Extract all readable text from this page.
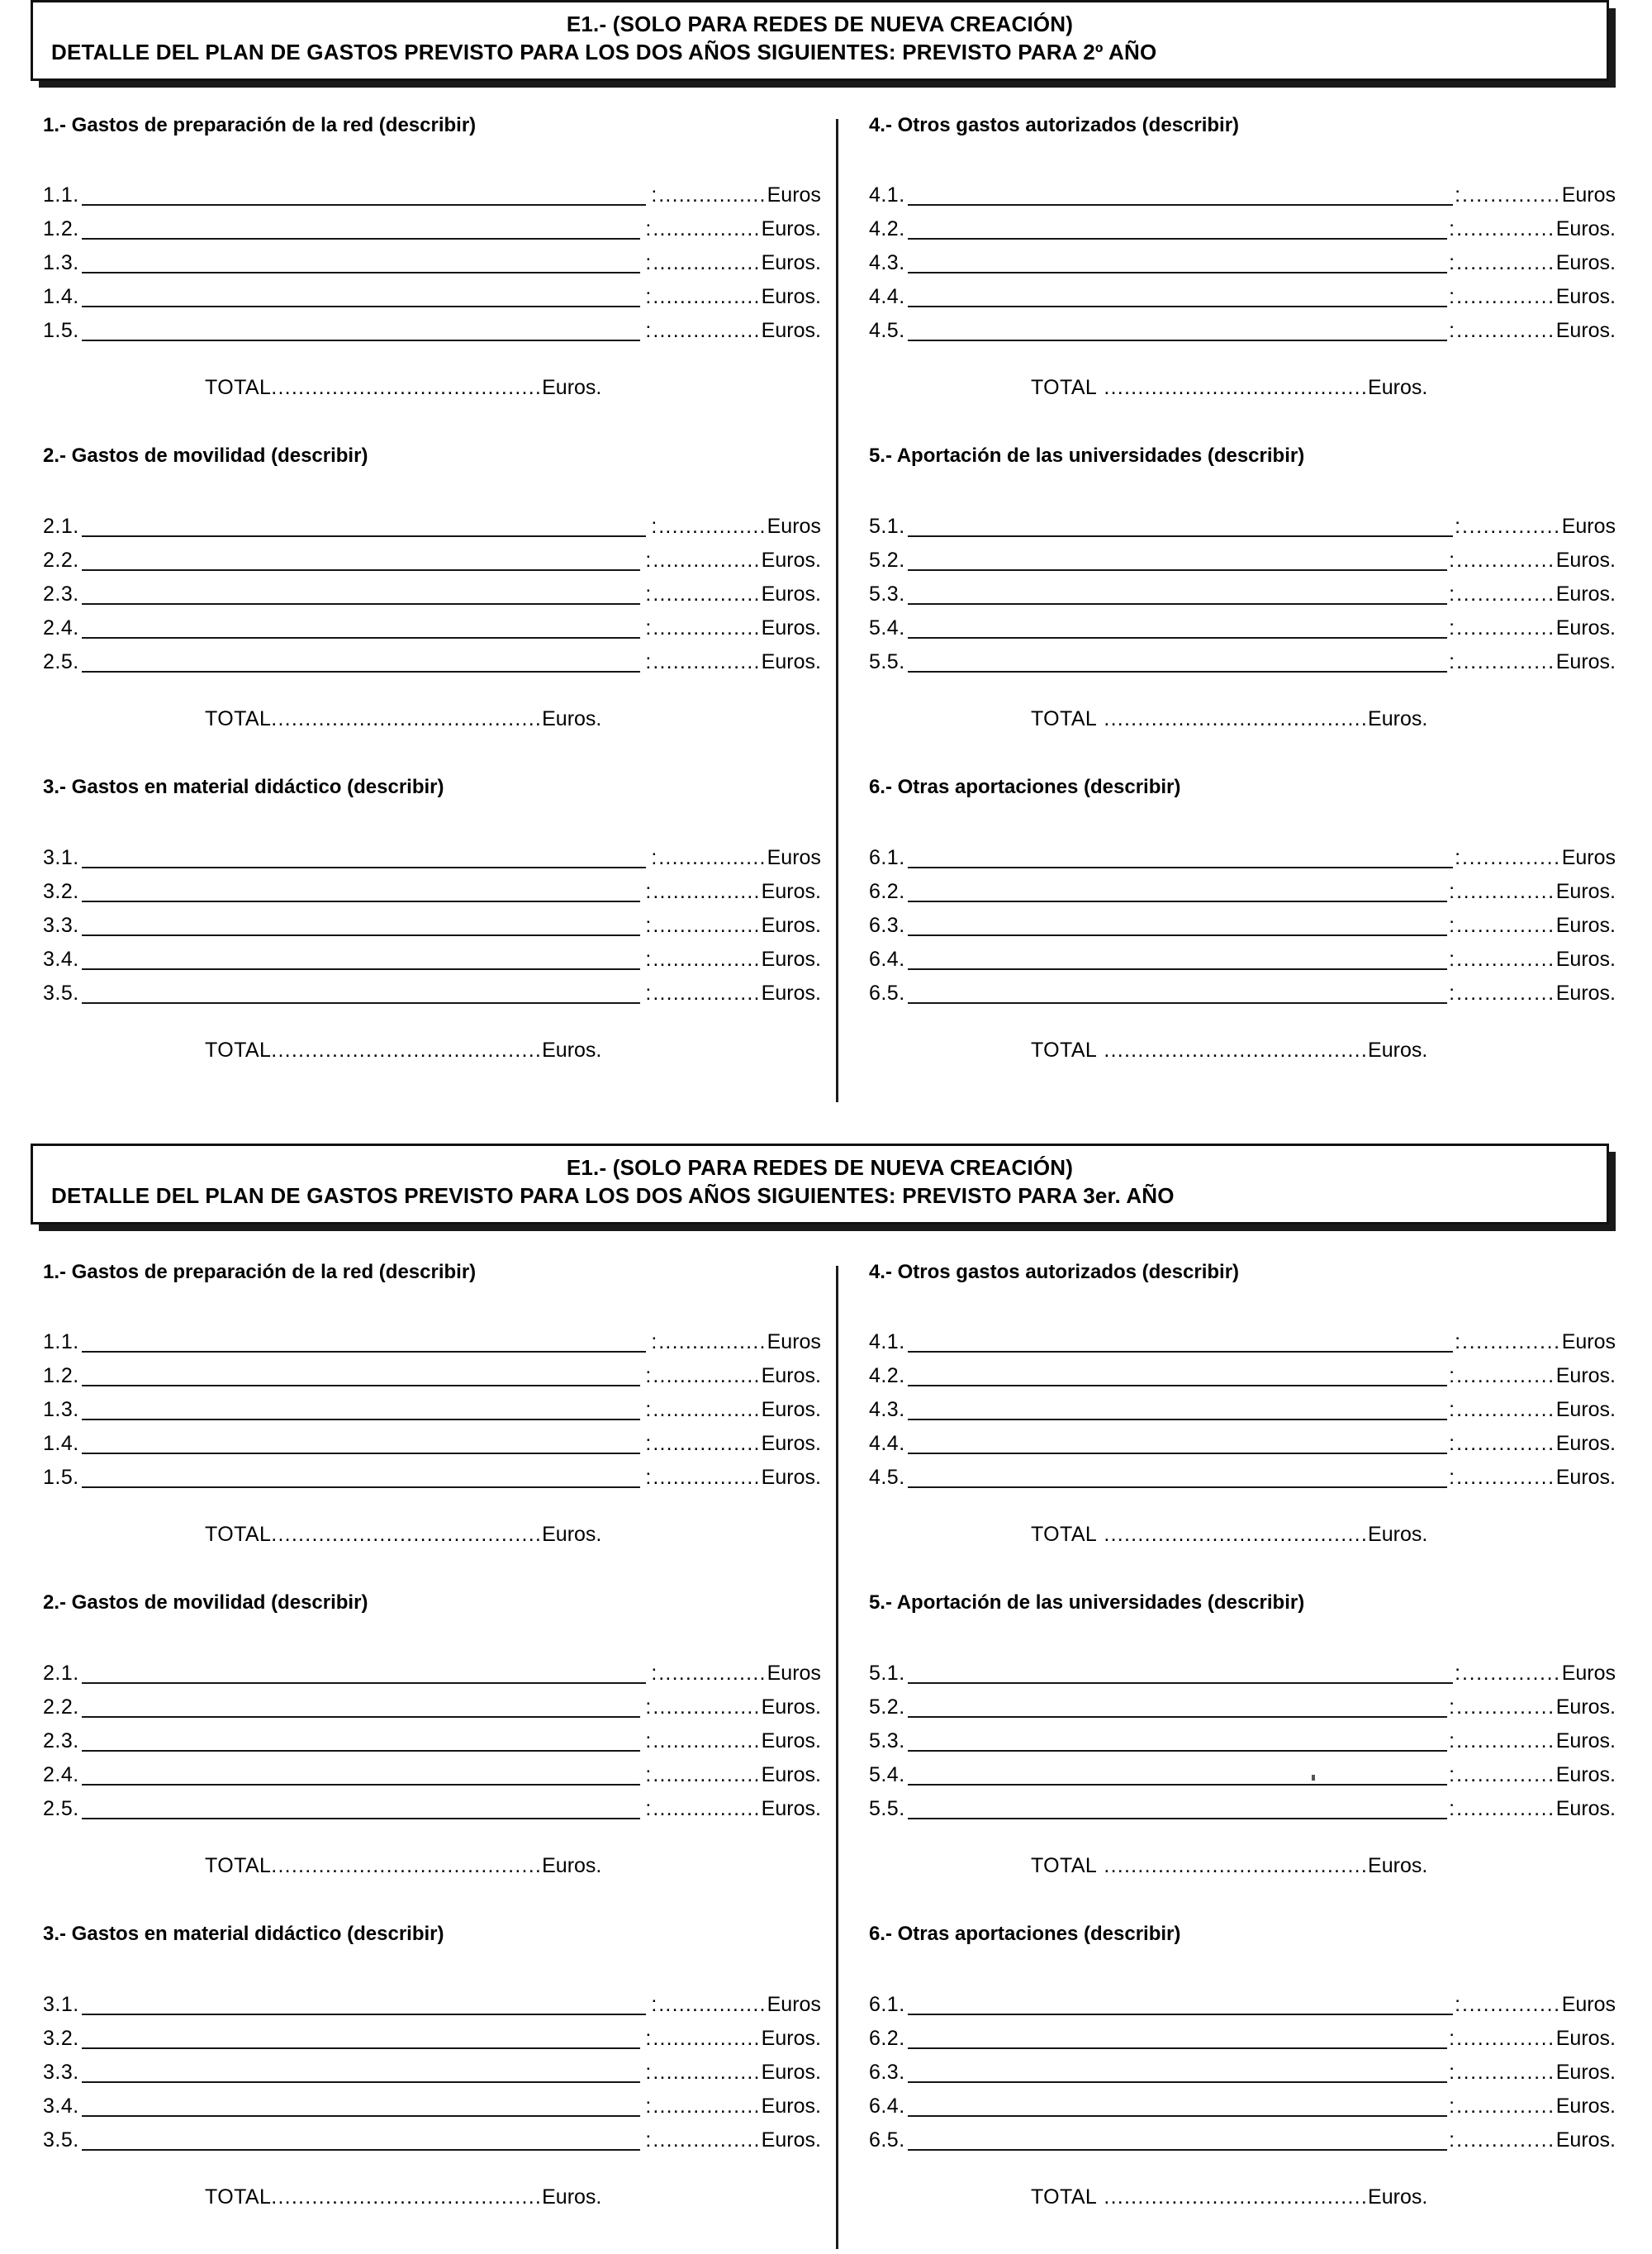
E1.- (SOLO PARA REDES DE NUEVA CREACIÓN)
DETALLE DEL PLAN DE GASTOS PREVISTO PARA LOS DOS AÑOS SIGUIENTES: PREVISTO PARA 2º AÑO
1.- Gastos de preparación de la red (describir)
1.1.	: ................ Euros
1.2.	: ................ Euros.
1.3.	: ................ Euros.
1.4.	: ................ Euros.
1.5.	: ................ Euros.
TOTAL........................................Euros.
2.- Gastos de movilidad (describir)
2.1.	: ................ Euros
2.2.	: ................ Euros.
2.3.	: ................ Euros.
2.4.	: ................ Euros.
2.5.	: ................ Euros.
TOTAL........................................Euros.
3.- Gastos en material didáctico (describir)
3.1.	: ................ Euros
3.2.	: ................ Euros.
3.3.	: ................ Euros.
3.4.	: ................ Euros.
3.5.	: ................ Euros.
TOTAL........................................Euros.
4.- Otros gastos autorizados (describir)
4.1.	: .............. Euros
4.2.	: .............. Euros.
4.3.	: .............. Euros.
4.4.	: .............. Euros.
4.5.	: .............. Euros.
TOTAL .......................................Euros.
5.- Aportación de las universidades (describir)
5.1.	: .............. Euros
5.2.	: .............. Euros.
5.3.	: .............. Euros.
5.4.	: .............. Euros.
5.5.	: .............. Euros.
TOTAL .......................................Euros.
6.- Otras aportaciones (describir)
6.1.	: .............. Euros
6.2.	: .............. Euros.
6.3.	: .............. Euros.
6.4.	: .............. Euros.
6.5.	: .............. Euros.
TOTAL .......................................Euros.
E1.- (SOLO PARA REDES DE NUEVA CREACIÓN)
DETALLE DEL PLAN DE GASTOS PREVISTO PARA LOS DOS AÑOS SIGUIENTES: PREVISTO PARA 3er. AÑO
1.- Gastos de preparación de la red (describir)
1.1.	: ................ Euros
1.2.	: ................ Euros.
1.3.	: ................ Euros.
1.4.	: ................ Euros.
1.5.	: ................ Euros.
TOTAL........................................Euros.
2.- Gastos de movilidad (describir)
2.1.	: ................ Euros
2.2.	: ................ Euros.
2.3.	: ................ Euros.
2.4.	: ................ Euros.
2.5.	: ................ Euros.
TOTAL........................................Euros.
3.- Gastos en material didáctico (describir)
3.1.	: ................ Euros
3.2.	: ................ Euros.
3.3.	: ................ Euros.
3.4.	: ................ Euros.
3.5.	: ................ Euros.
TOTAL........................................Euros.
4.- Otros gastos autorizados (describir)
4.1.	: .............. Euros
4.2.	: .............. Euros.
4.3.	: .............. Euros.
4.4.	: .............. Euros.
4.5.	: .............. Euros.
TOTAL .......................................Euros.
5.- Aportación de las universidades (describir)
5.1.	: .............. Euros
5.2.	: .............. Euros.
5.3.	: .............. Euros.
5.4.	: .............. Euros.
5.5.	: .............. Euros.
TOTAL .......................................Euros.
6.- Otras aportaciones (describir)
6.1.	: .............. Euros
6.2.	: .............. Euros.
6.3.	: .............. Euros.
6.4.	: .............. Euros.
6.5.	: .............. Euros.
TOTAL .......................................Euros.
